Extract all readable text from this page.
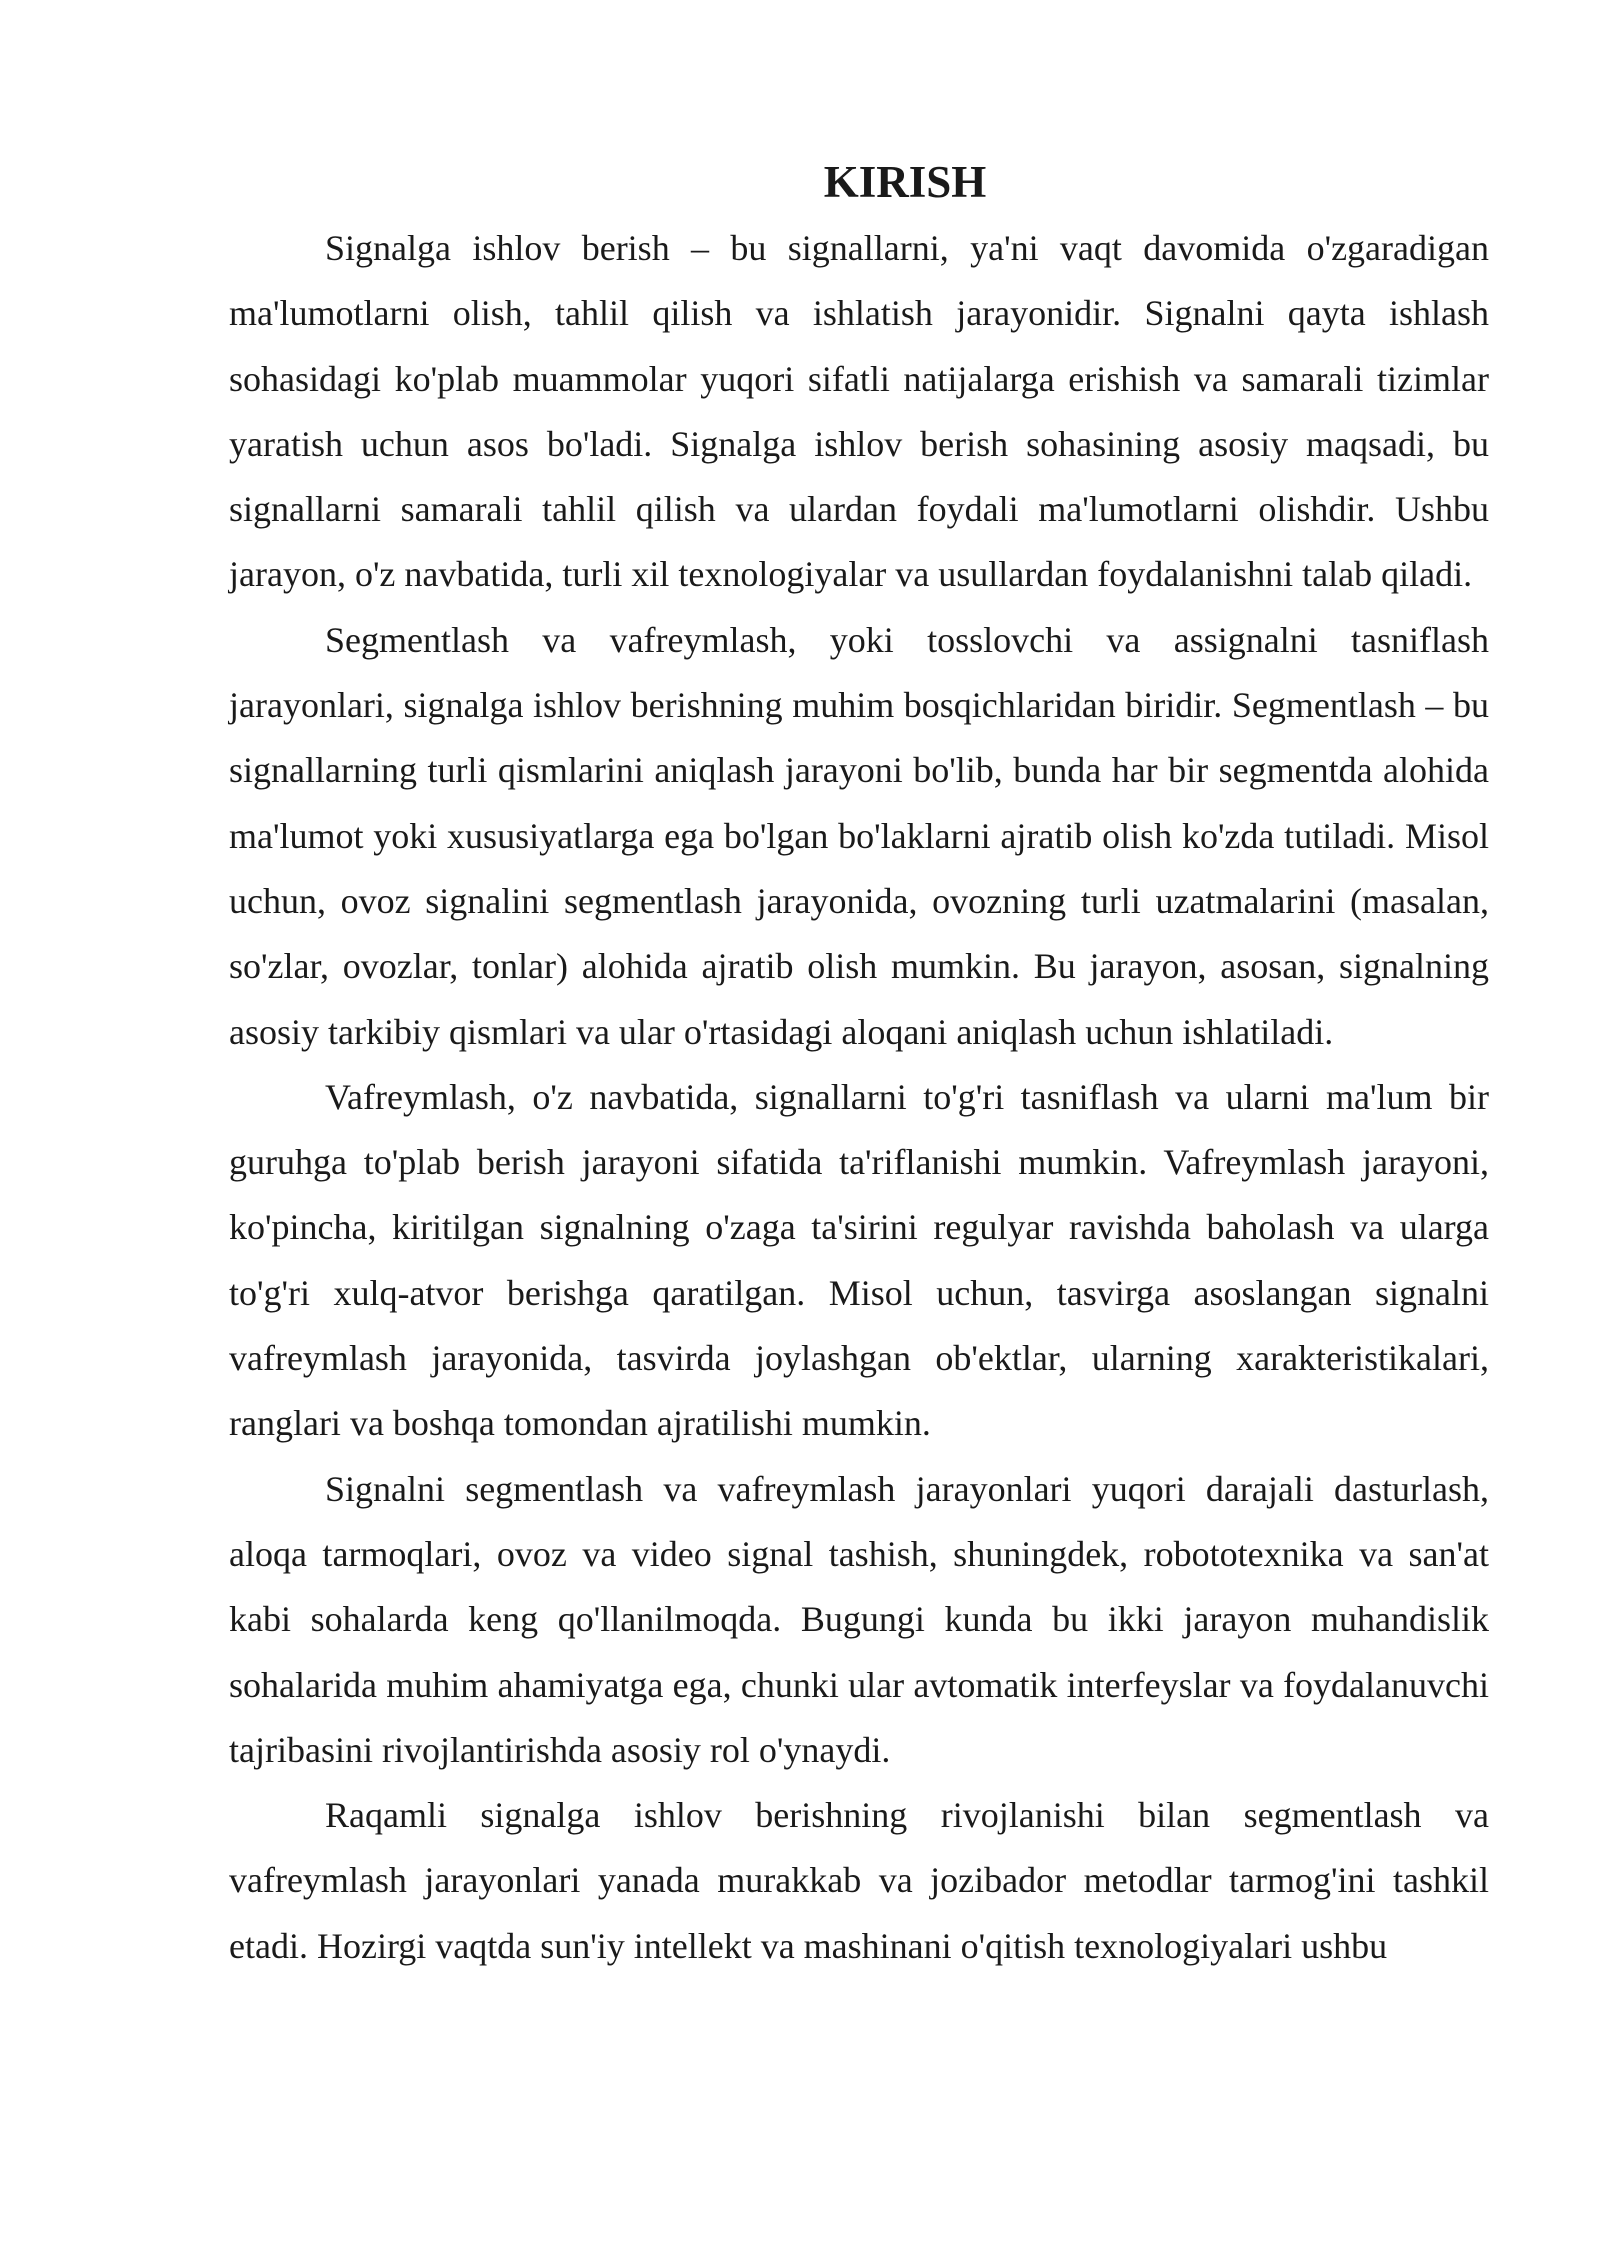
KIRISH

Signalga ishlov berish – bu signallarni, ya'ni vaqt davomida o'zgaradigan ma'lumotlarni olish, tahlil qilish va ishlatish jarayonidir. Signalni qayta ishlash sohasidagi ko'plab muammolar yuqori sifatli natijalarga erishish va samarali tizimlar yaratish uchun asos bo'ladi. Signalga ishlov berish sohasining asosiy maqsadi, bu signallarni samarali tahlil qilish va ulardan foydali ma'lumotlarni olishdir. Ushbu jarayon, o'z navbatida, turli xil texnologiyalar va usullardan foydalanishni talab qiladi.

Segmentlash va vafreymlash, yoki tosslovchi va assignalni tasniflash jarayonlari, signalga ishlov berishning muhim bosqichlaridan biridir. Segmentlash – bu signallarning turli qismlarini aniqlash jarayoni bo'lib, bunda har bir segmentda alohida ma'lumot yoki xususiyatlarga ega bo'lgan bo'laklarni ajratib olish ko'zda tutiladi. Misol uchun, ovoz signalini segmentlash jarayonida, ovozning turli uzatmalarini (masalan, so'zlar, ovozlar, tonlar) alohida ajratib olish mumkin. Bu jarayon, asosan, signalning asosiy tarkibiy qismlari va ular o'rtasidagi aloqani aniqlash uchun ishlatiladi.

Vafreymlash, o'z navbatida, signallarni to'g'ri tasniflash va ularni ma'lum bir guruhga to'plab berish jarayoni sifatida ta'riflanishi mumkin. Vafreymlash jarayoni, ko'pincha, kiritilgan signalning o'zaga ta'sirini regulyar ravishda baholash va ularga to'g'ri xulq-atvor berishga qaratilgan. Misol uchun, tasvirga asoslangan signalni vafreymlash jarayonida, tasvirda joylashgan ob'ektlar, ularning xarakteristikalari, ranglari va boshqa tomondan ajratilishi mumkin.

Signalni segmentlash va vafreymlash jarayonlari yuqori darajali dasturlash, aloqa tarmoqlari, ovoz va video signal tashish, shuningdek, robototexnika va san'at kabi sohalarda keng qo'llanilmoqda. Bugungi kunda bu ikki jarayon muhandislik sohalarida muhim ahamiyatga ega, chunki ular avtomatik interfeyslar va foydalanuvchi tajribasini rivojlantirishda asosiy rol o'ynaydi.

Raqamli signalga ishlov berishning rivojlanishi bilan segmentlash va vafreymlash jarayonlari yanada murakkab va jozibador metodlar tarmog'ini tashkil etadi. Hozirgi vaqtda sun'iy intellekt va mashinani o'qitish texnologiyalari ushbu
